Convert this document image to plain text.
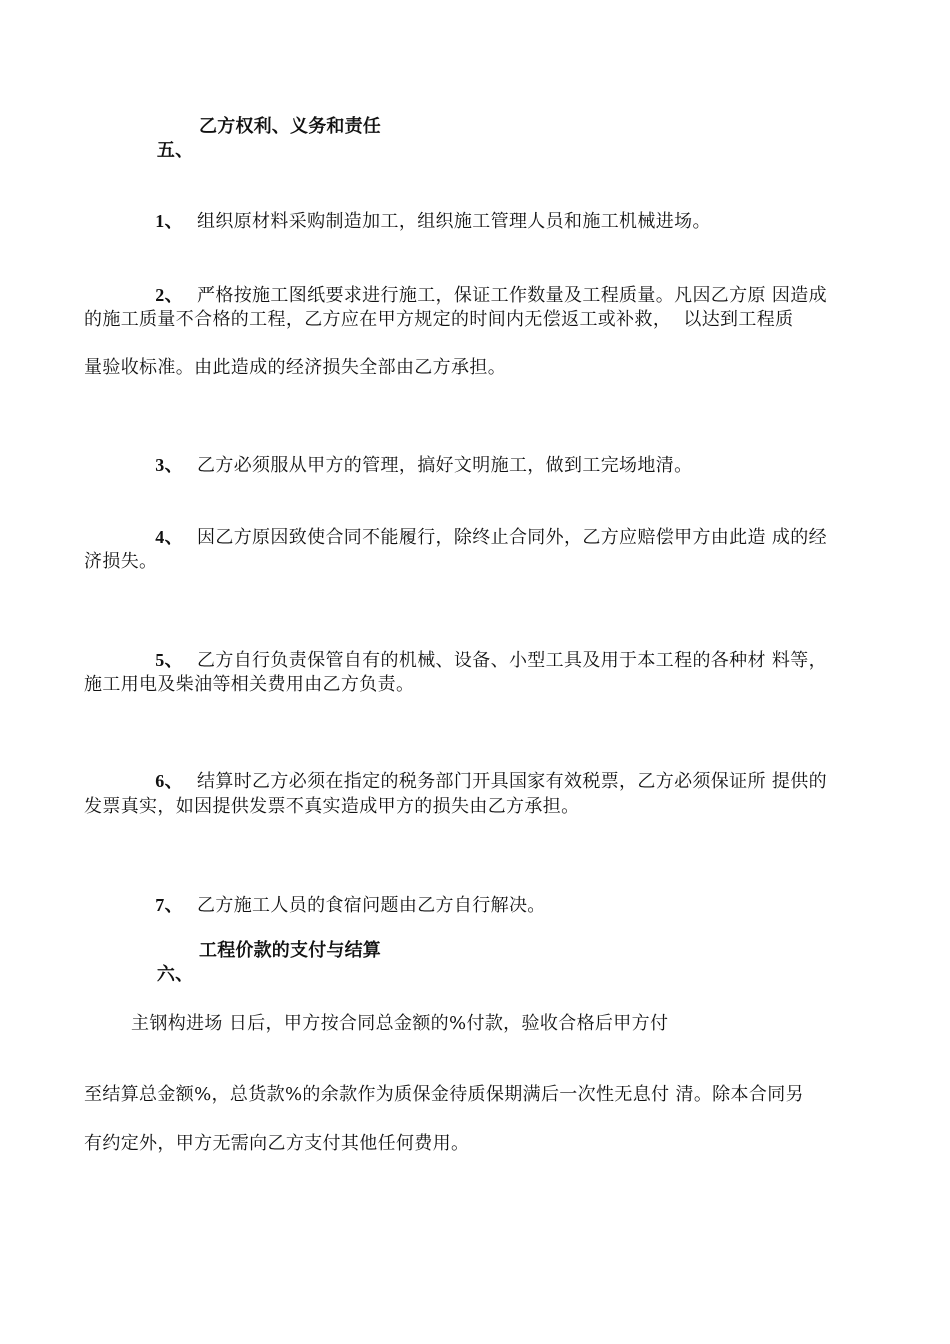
五、

乙方权利、义务和责任

1、 组织原材料采购制造加工，组织施工管理人员和施工机械进场。

2、 严格按施工图纸要求进行施工，保证工作数量及工程质量。凡因乙方原 因造成

的施工质量不合格的工程，乙方应在甲方规定的时间内无偿返工或补救，  以达到工程质
量验收标准。由此造成的经济损失全部由乙方承担。

3、 乙方必须服从甲方的管理，搞好文明施工，做到工完场地清。

4、 因乙方原因致使合同不能履行，除终止合同外，乙方应赔偿甲方由此造 成的经

济损失。

5、 乙方自行负责保管自有的机械、设备、小型工具及用于本工程的各种材 料等，

施工用电及柴油等相关费用由乙方负责。

6、 结算时乙方必须在指定的税务部门开具国家有效税票，乙方必须保证所 提供的

发票真实，如因提供发票不真实造成甲方的损失由乙方承担。

7、 乙方施工人员的食宿问题由乙方自行解决。

六、

工程价款的支付与结算
主钢构进场 日后，甲方按合同总金额的%付款，验收合格后甲方付
至结算总金额%，总货款%的余款作为质保金待质保期满后一次性无息付 清。除本合同另
有约定外，甲方无需向乙方支付其他任何费用。
